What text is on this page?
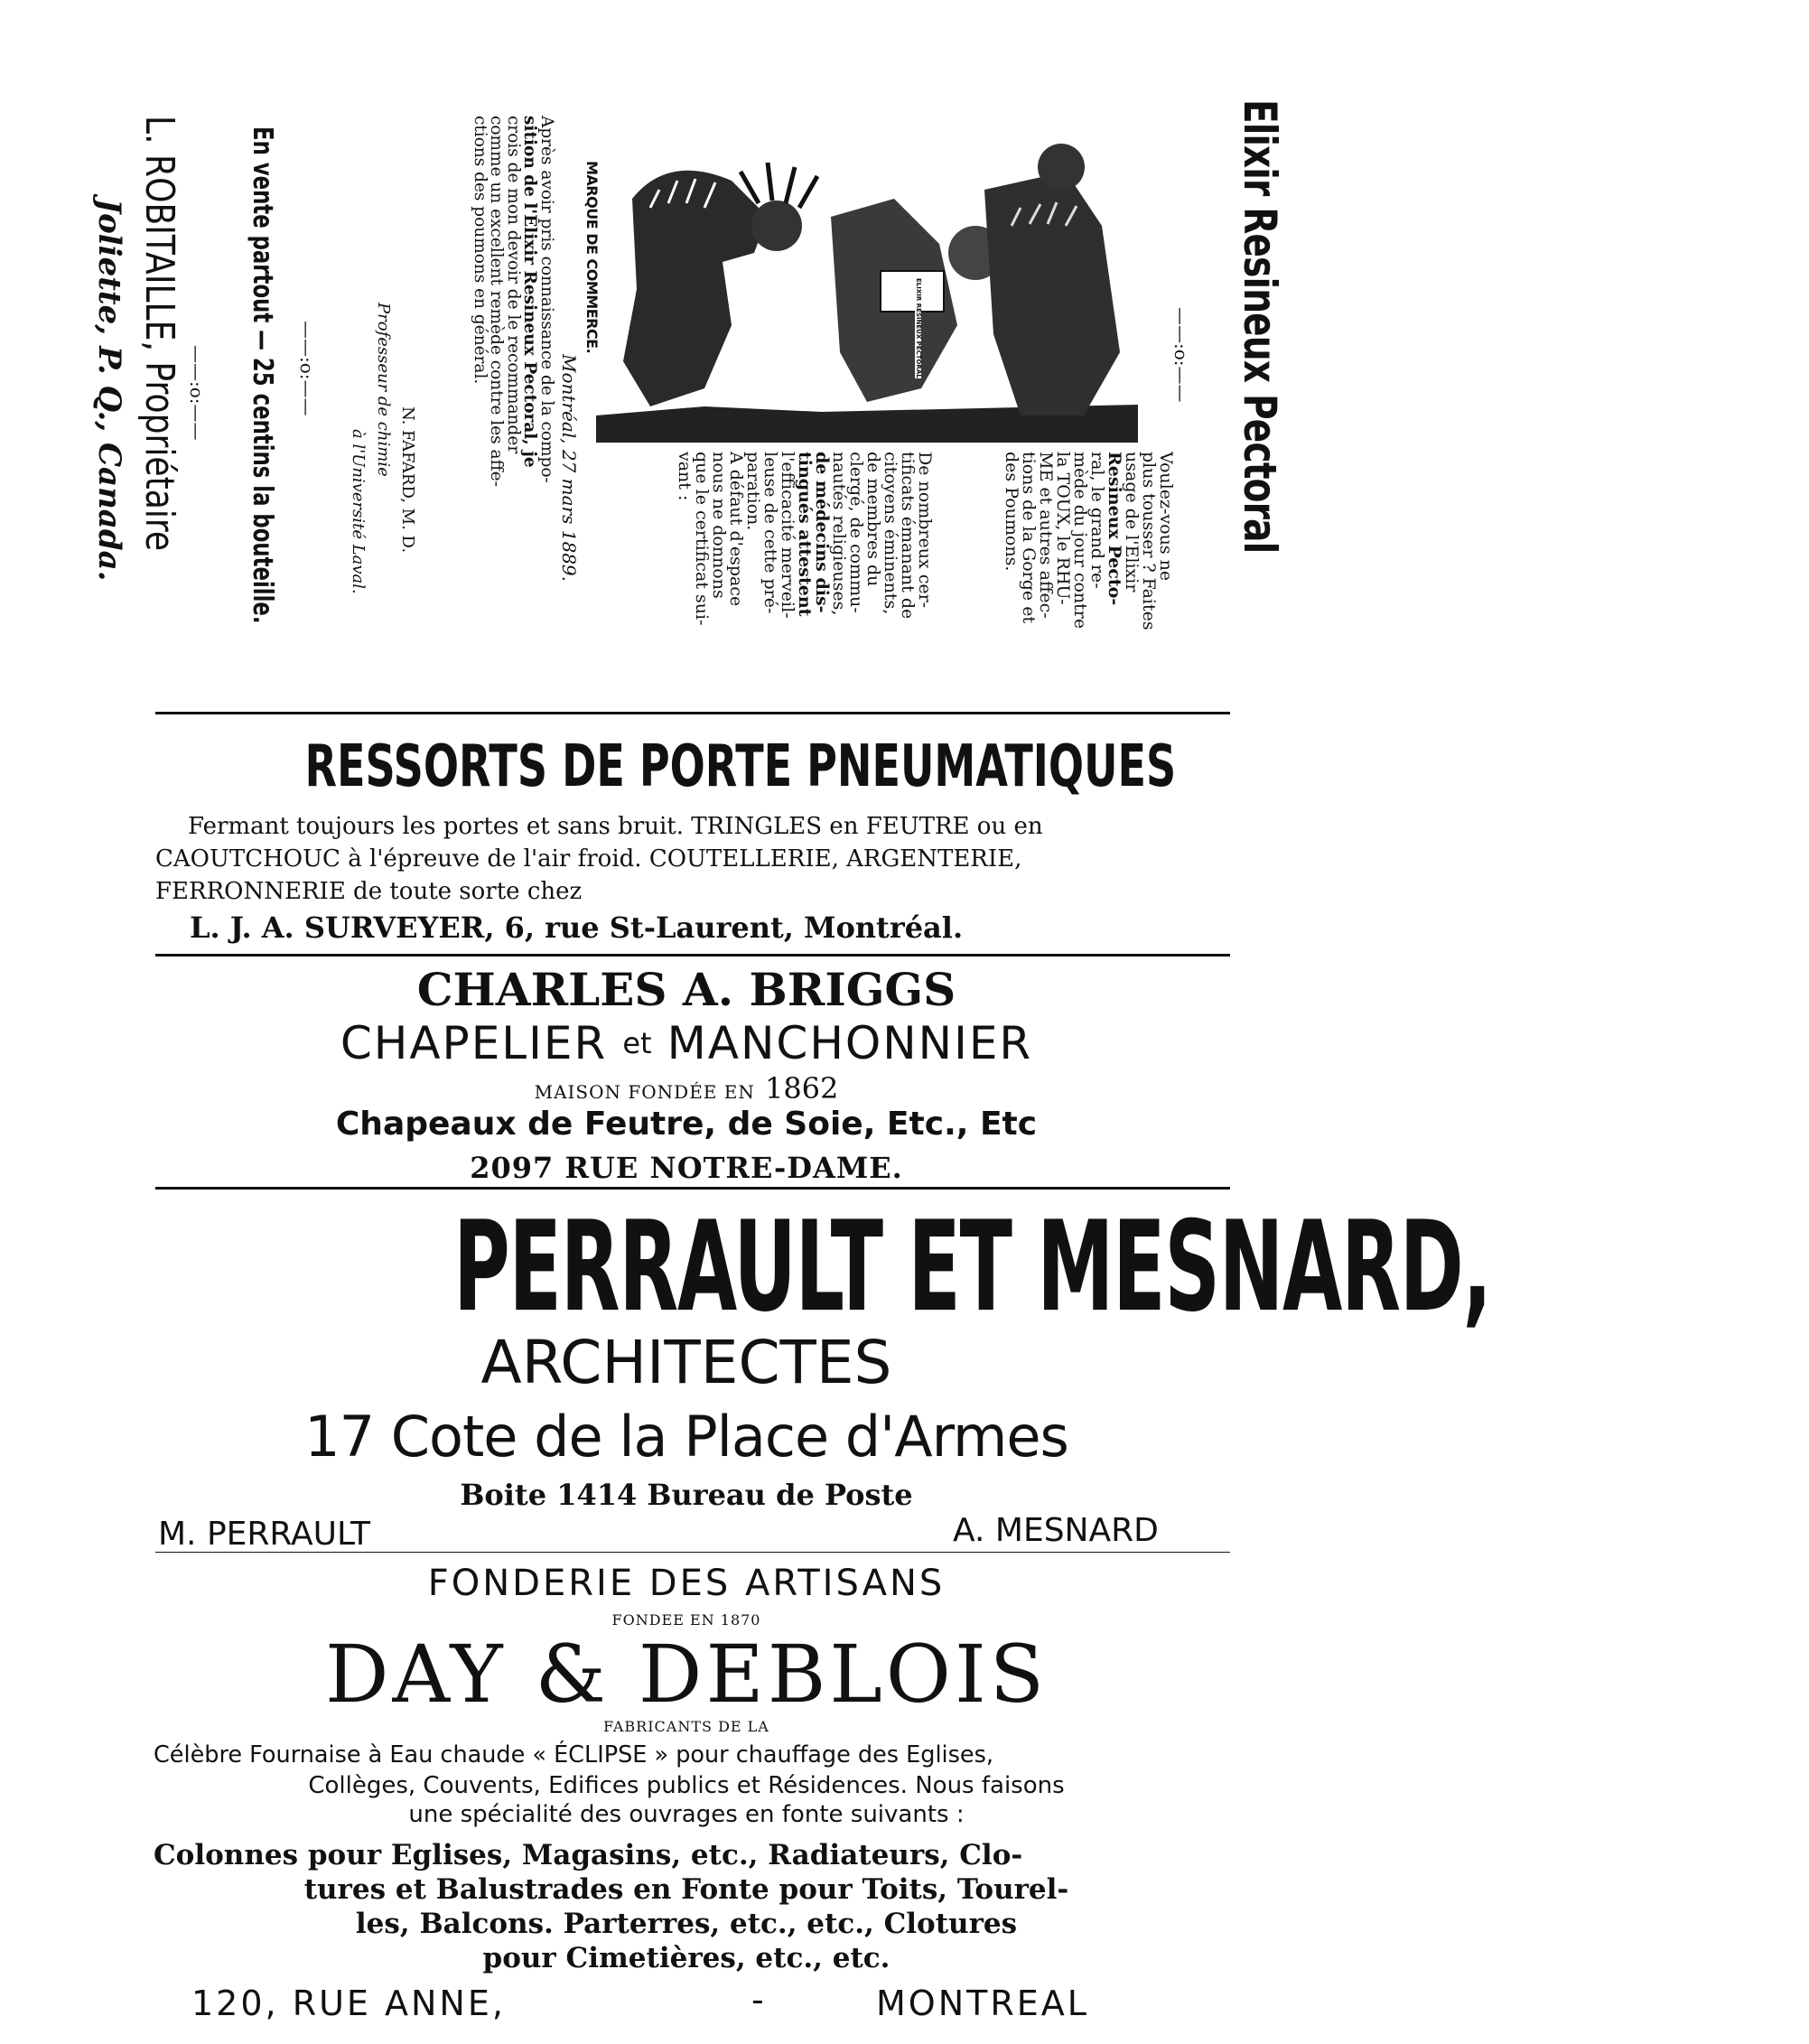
Elixir Resineux Pectoral
——:o:——
Voulez-vous ne
plus tousser ? Faites
usage de l'Elixir
Resineux Pecto-
ral, le grand re-
mède du jour contre
la TOUX, le RHU-
ME et autres affec-
tions de la Gorge et
des Poumons.
De nombreux cer-
tificats émanant de
citoyens éminents,
de membres du
clergé, de commu-
nautés religieuses,
de médecins dis-
tingués attestent
l'efficacité merveil-
leuse de cette pré-
paration.
A défaut d'espace
nous ne donnons
que le certificat sui-
vant :
ELIXIR RESINEUX PECTORAL
MARQUE DE COMMERCE.
Montréal, 27 mars 1889.
Après avoir pris connaissance de la compo-
sition de l'Elixir Resineux Pectoral, je
crois de mon devoir de le recommander
comme un excellent remède contre les affe-
ctions des poumons en général.
N. FAFARD, M. D.
Professeur de chimie
à l'Université Laval.
——:o:——
En vente partout — 25 centins la bouteille.
——:o:——
L. ROBITAILLE, Propriétaire
Joliette, P. Q., Canada.
RESSORTS DE PORTE PNEUMATIQUES
Fermant toujours les portes et sans bruit. TRINGLES en FEUTRE ou en
CAOUTCHOUC à l'épreuve de l'air froid. COUTELLERIE, ARGENTERIE,
FERRONNERIE de toute sorte chez
L. J. A. SURVEYER, 6, rue St-Laurent, Montréal.
CHARLES A. BRIGGS
CHAPELIER et MANCHONNIER
MAISON FONDÉE EN 1862
Chapeaux de Feutre, de Soie, Etc., Etc
2097 RUE NOTRE-DAME.
PERRAULT ET MESNARD,
ARCHITECTES
17 Cote de la Place d'Armes
Boite 1414 Bureau de Poste
M. PERRAULT	A. MESNARD
FONDERIE DES ARTISANS
FONDEE EN 1870
DAY & DEBLOIS
FABRICANTS DE LA
Célèbre Fournaise à Eau chaude « ÉCLIPSE » pour chauffage des Eglises,
Collèges, Couvents, Edifices publics et Résidences. Nous faisons
une spécialité des ouvrages en fonte suivants :
Colonnes pour Eglises, Magasins, etc., Radiateurs, Clo-
tures et Balustrades en Fonte pour Toits, Tourel-
les, Balcons. Parterres, etc., etc., Clotures
pour Cimetières, etc., etc.
120, RUE ANNE,	-	MONTREAL
